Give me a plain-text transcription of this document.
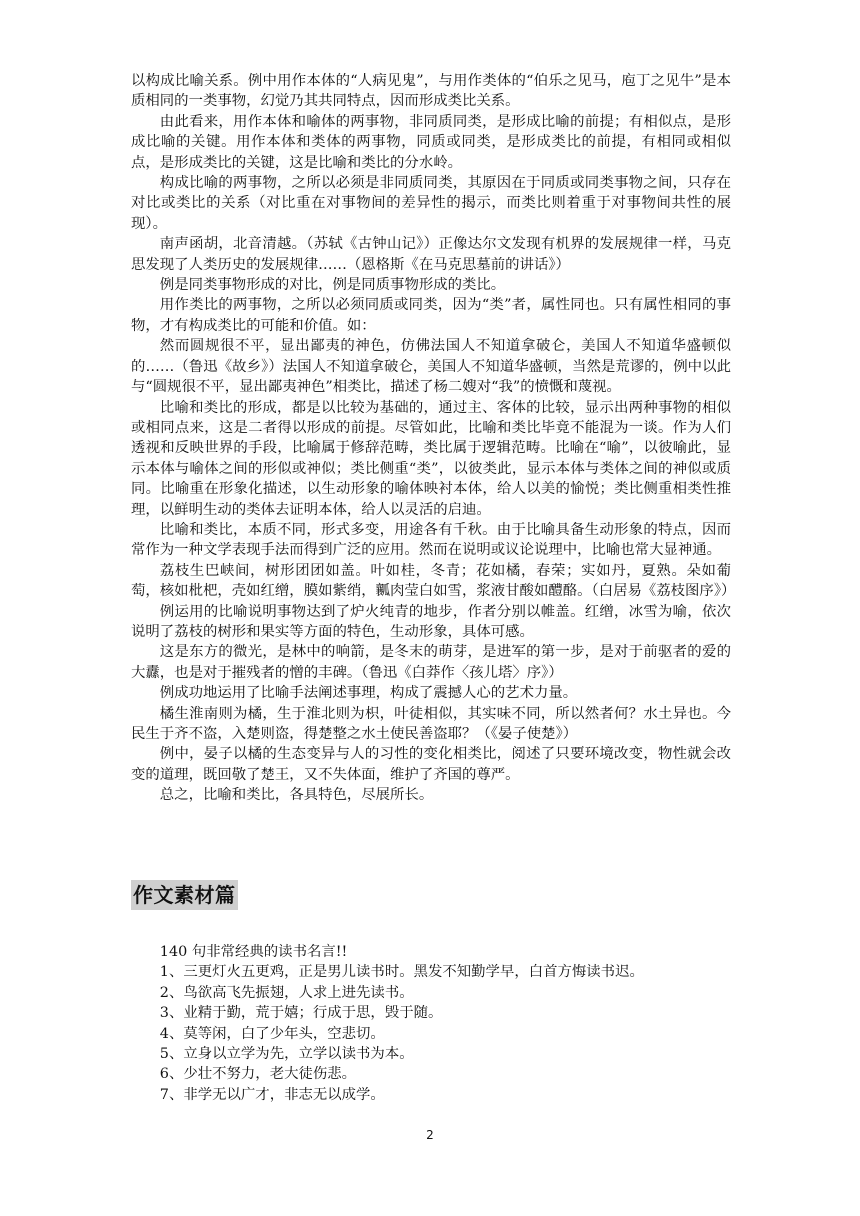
以构成比喻关系。例中用作本体的“人病见鬼”，与用作类体的“伯乐之见马，庖丁之见牛”是本质相同的一类事物，幻觉乃其共同特点，因而形成类比关系。

由此看来，用作本体和喻体的两事物，非同质同类，是形成比喻的前提；有相似点，是形成比喻的关键。用作本体和类体的两事物，同质或同类，是形成类比的前提，有相同或相似点，是形成类比的关键，这是比喻和类比的分水岭。

构成比喻的两事物，之所以必须是非同质同类，其原因在于同质或同类事物之间，只存在对比或类比的关系（对比重在对事物间的差异性的揭示，而类比则着重于对事物间共性的展现）。

南声函胡，北音清越。（苏轼《古钟山记》）正像达尔文发现有机界的发展规律一样，马克思发现了人类历史的发展规律……（恩格斯《在马克思墓前的讲话》）

例是同类事物形成的对比，例是同质事物形成的类比。

用作类比的两事物，之所以必须同质或同类，因为“类”者，属性同也。只有属性相同的事物，才有构成类比的可能和价值。如：

然而圆规很不平，显出鄙夷的神色，仿佛法国人不知道拿破仑，美国人不知道华盛顿似的……（鲁迅《故乡》）法国人不知道拿破仑，美国人不知道华盛顿，当然是荒谬的，例中以此与“圆规很不平，显出鄙夷神色”相类比，描述了杨二嫂对“我”的愤慨和蔑视。

比喻和类比的形成，都是以比较为基础的，通过主、客体的比较，显示出两种事物的相似或相同点来，这是二者得以形成的前提。尽管如此，比喻和类比毕竟不能混为一谈。作为人们透视和反映世界的手段，比喻属于修辞范畴，类比属于逻辑范畴。比喻在“喻”，以彼喻此，显示本体与喻体之间的形似或神似；类比侧重“类”，以彼类此，显示本体与类体之间的神似或质同。比喻重在形象化描述，以生动形象的喻体映衬本体，给人以美的愉悦；类比侧重相类性推理，以鲜明生动的类体去证明本体，给人以灵活的启迪。

比喻和类比，本质不同，形式多变，用途各有千秋。由于比喻具备生动形象的特点，因而常作为一种文学表现手法而得到广泛的应用。然而在说明或议论说理中，比喻也常大显神通。

荔枝生巴峡间，树形团团如盖。叶如桂，冬青；花如橘，春荣；实如丹，夏熟。朵如葡萄，核如枇杷，壳如红缯，膜如紫绡，瓤肉莹白如雪，浆液甘酸如醴酪。（白居易《荔枝图序》）

例运用的比喻说明事物达到了炉火纯青的地步，作者分别以帷盖。红缯，冰雪为喻，依次说明了荔枝的树形和果实等方面的特色，生动形象，具体可感。

这是东方的微光，是林中的响箭，是冬末的萌芽，是进军的第一步，是对于前驱者的爱的大纛，也是对于摧残者的憎的丰碑。（鲁迅《白莽作〈孩儿塔〉序》）

例成功地运用了比喻手法阐述事理，构成了震撼人心的艺术力量。

橘生淮南则为橘，生于淮北则为枳，叶徒相似，其实味不同，所以然者何？水土异也。今民生于齐不盗，入楚则盗，得楚整之水土使民善盗耶？（《晏子使楚》）

例中，晏子以橘的生态变异与人的习性的变化相类比，阅述了只要环境改变，物性就会改变的道理，既回敬了楚王，又不失体面，维护了齐国的尊严。

总之，比喻和类比，各具特色，尽展所长。

作文素材篇

140 句非常经典的读书名言!!

1、三更灯火五更鸡，正是男儿读书时。黑发不知勤学早，白首方悔读书迟。

2、鸟欲高飞先振翅，人求上进先读书。

3、业精于勤，荒于嬉；行成于思，毁于随。

4、莫等闲，白了少年头，空悲切。

5、立身以立学为先，立学以读书为本。

6、少壮不努力，老大徒伤悲。

7、非学无以广才，非志无以成学。

2
